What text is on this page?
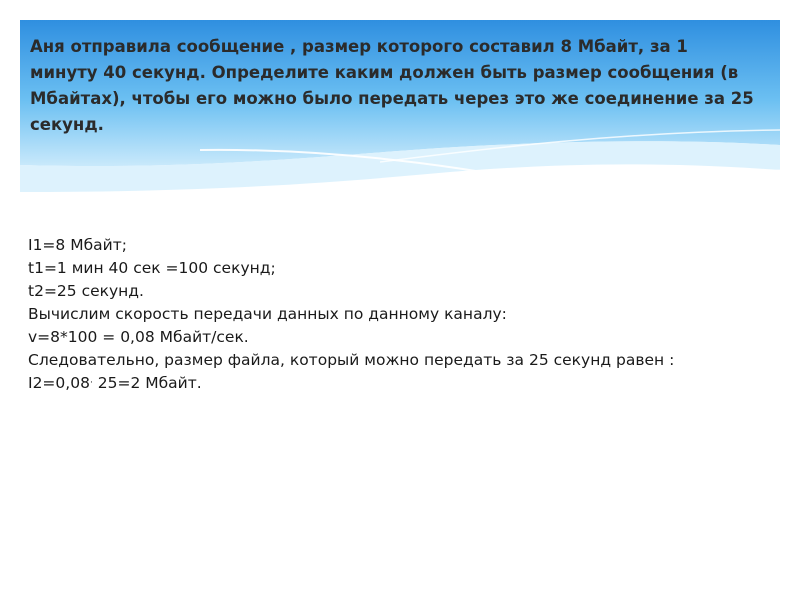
Аня отправила сообщение , размер которого составил 8 Мбайт, за 1 минуту 40 секунд. Определите каким должен быть размер сообщения (в Мбайтах), чтобы его можно было передать через это же соединение за 25 секунд.
I1=8 Мбайт;
t1=1 мин 40 сек =100 секунд;
t2=25 секунд.
Вычислим скорость передачи данных по данному каналу:
v=8*100 = 0,08 Мбайт/сек.
Следовательно, размер файла, который можно передать за 25 секунд равен :
I2=0,08· 25=2 Мбайт.
